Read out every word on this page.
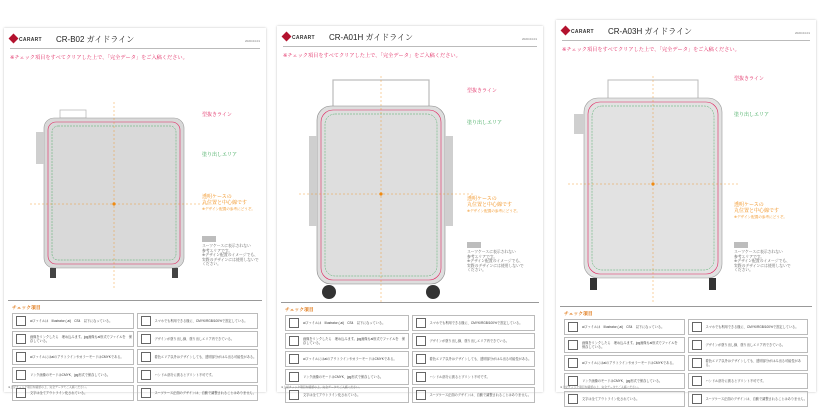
CARART CR-B02 ガイドライン	2020.04.01
※チェック項目をすべてクリアした上で、「完全データ」をご入稿ください。
型抜きライン
塗り出しエリア
透明ケースの
丸位置と中心線です
※デザイン配置の参考にどうぞ。
スーツケースに表示されない
参考エリアです。
※デザイン配置のイメージでも、
実際のデザインには使用しないで
ください。
チェック項目
aiファイルは　Illustrator (.ai)　CS4　以下になっている。	スマホでも利用できる様に、CMYK/RGB/100%で設定している。
画像をリンクしたら　埋め込みます。jpg画像もai形式でファイルを　保存している。	デザインが塗り出し線、塗り出しエリア内できている。
aiファイルにはaiのアウトラインやカラーモードはCMYKである。	着色エリア以外はデザインしても、透明部分がはみ出る可能性がある。
リンク画像のモードはCMYK、jpg形式で保存している。	ハンドル部分に被るとプリント不可です。
文字は全てアウトライン化されている。	スーツケース正面のデザインは、自動で調整されることはありません。
※上記チェック項目を確認の上、完全データでご入稿ください。
CARART CR-A01H ガイドライン	2020.04.01
※チェック項目をすべてクリアした上で、「完全データ」をご入稿ください。
型抜きライン
塗り出しエリア
透明ケースの
丸位置と中心線です
※デザイン配置の参考にどうぞ。
スーツケースに表示されない
参考エリアです。
※デザイン配置のイメージでも、
実際のデザインには使用しないで
ください。
チェック項目
aiファイルは　Illustrator (.ai)　CS4　以下になっている。	スマホでも利用できる様に、CMYK/RGB/100%で設定している。
画像をリンクしたら　埋め込みます。jpg画像もai形式でファイルを　保存している。	デザインが塗り出し線、塗り出しエリア内できている。
aiファイルにはaiのアウトラインやカラーモードはCMYKである。	着色エリア以外はデザインしても、透明部分がはみ出る可能性がある。
リンク画像のモードはCMYK、jpg形式で保存している。	ハンドル部分に被るとプリント不可です。
文字は全てアウトライン化されている。	スーツケース正面のデザインは、自動で調整されることはありません。
※上記チェック項目を確認の上、完全データでご入稿ください。
CARART CR-A03H ガイドライン	2020.04.01
※チェック項目をすべてクリアした上で、「完全データ」をご入稿ください。
型抜きライン
塗り出しエリア
透明ケースの
丸位置と中心線です
※デザイン配置の参考にどうぞ。
スーツケースに表示されない
参考エリアです。
※デザイン配置のイメージでも、
実際のデザインには使用しないで
ください。
チェック項目
aiファイルは　Illustrator (.ai)　CS4　以下になっている。	スマホでも利用できる様に、CMYK/RGB/100%で設定している。
画像をリンクしたら　埋め込みます。jpg画像もai形式でファイルを　保存している。	デザインが塗り出し線、塗り出しエリア内できている。
aiファイルにはaiのアウトラインやカラーモードはCMYKである。	着色エリア以外はデザインしても、透明部分がはみ出る可能性がある。
リンク画像のモードはCMYK、jpg形式で保存している。	ハンドル部分に被るとプリント不可です。
文字は全てアウトライン化されている。	スーツケース正面のデザインは、自動で調整されることはありません。
※上記チェック項目を確認の上、完全データでご入稿ください。
